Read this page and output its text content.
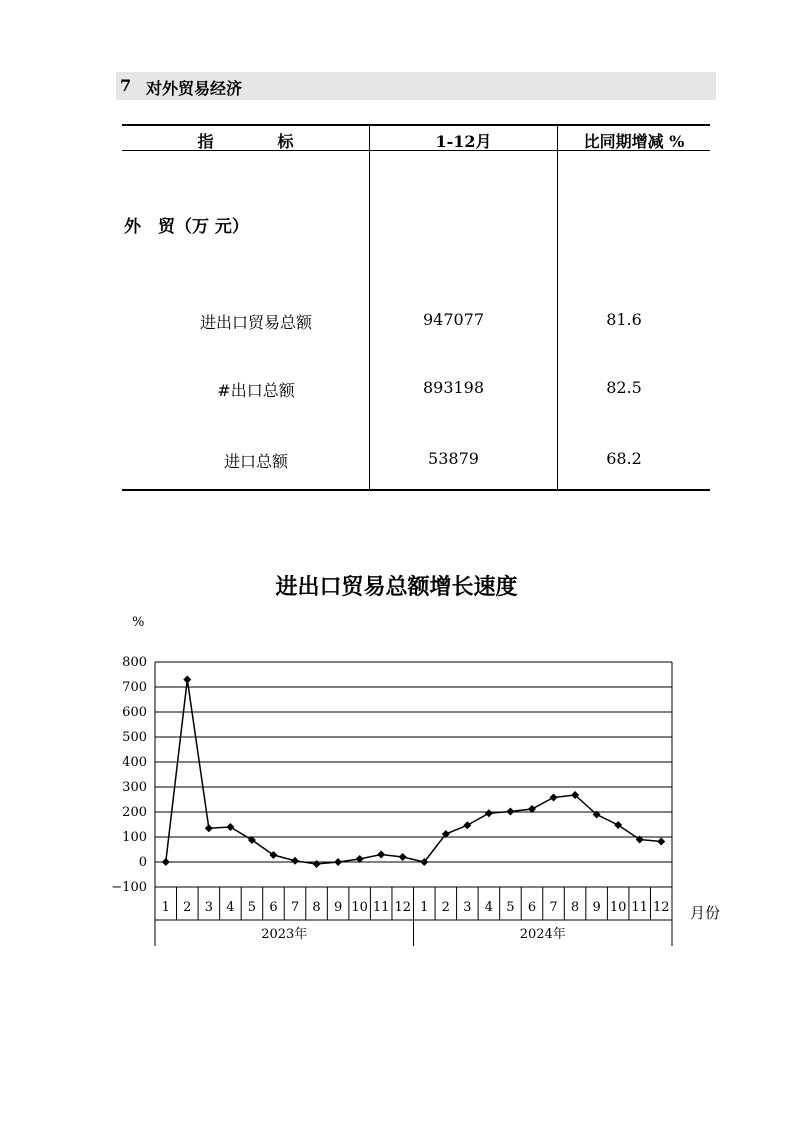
7 对外贸易经济
指　　　　标	1-12月	比同期增减 %
外　贸（万 元）
进出口贸易总额	947077	81.6
#出口总额	893198	82.5
进口总额	53879	68.2
进出口贸易总额增长速度
800
700
600
500
400
300
200
100
0
−100
1 2 3 4 5 6 7 8 9 10 11 12 1 2 3 4 5 6 7 8 9 10 11 12
2023年	2024年
%
月份
